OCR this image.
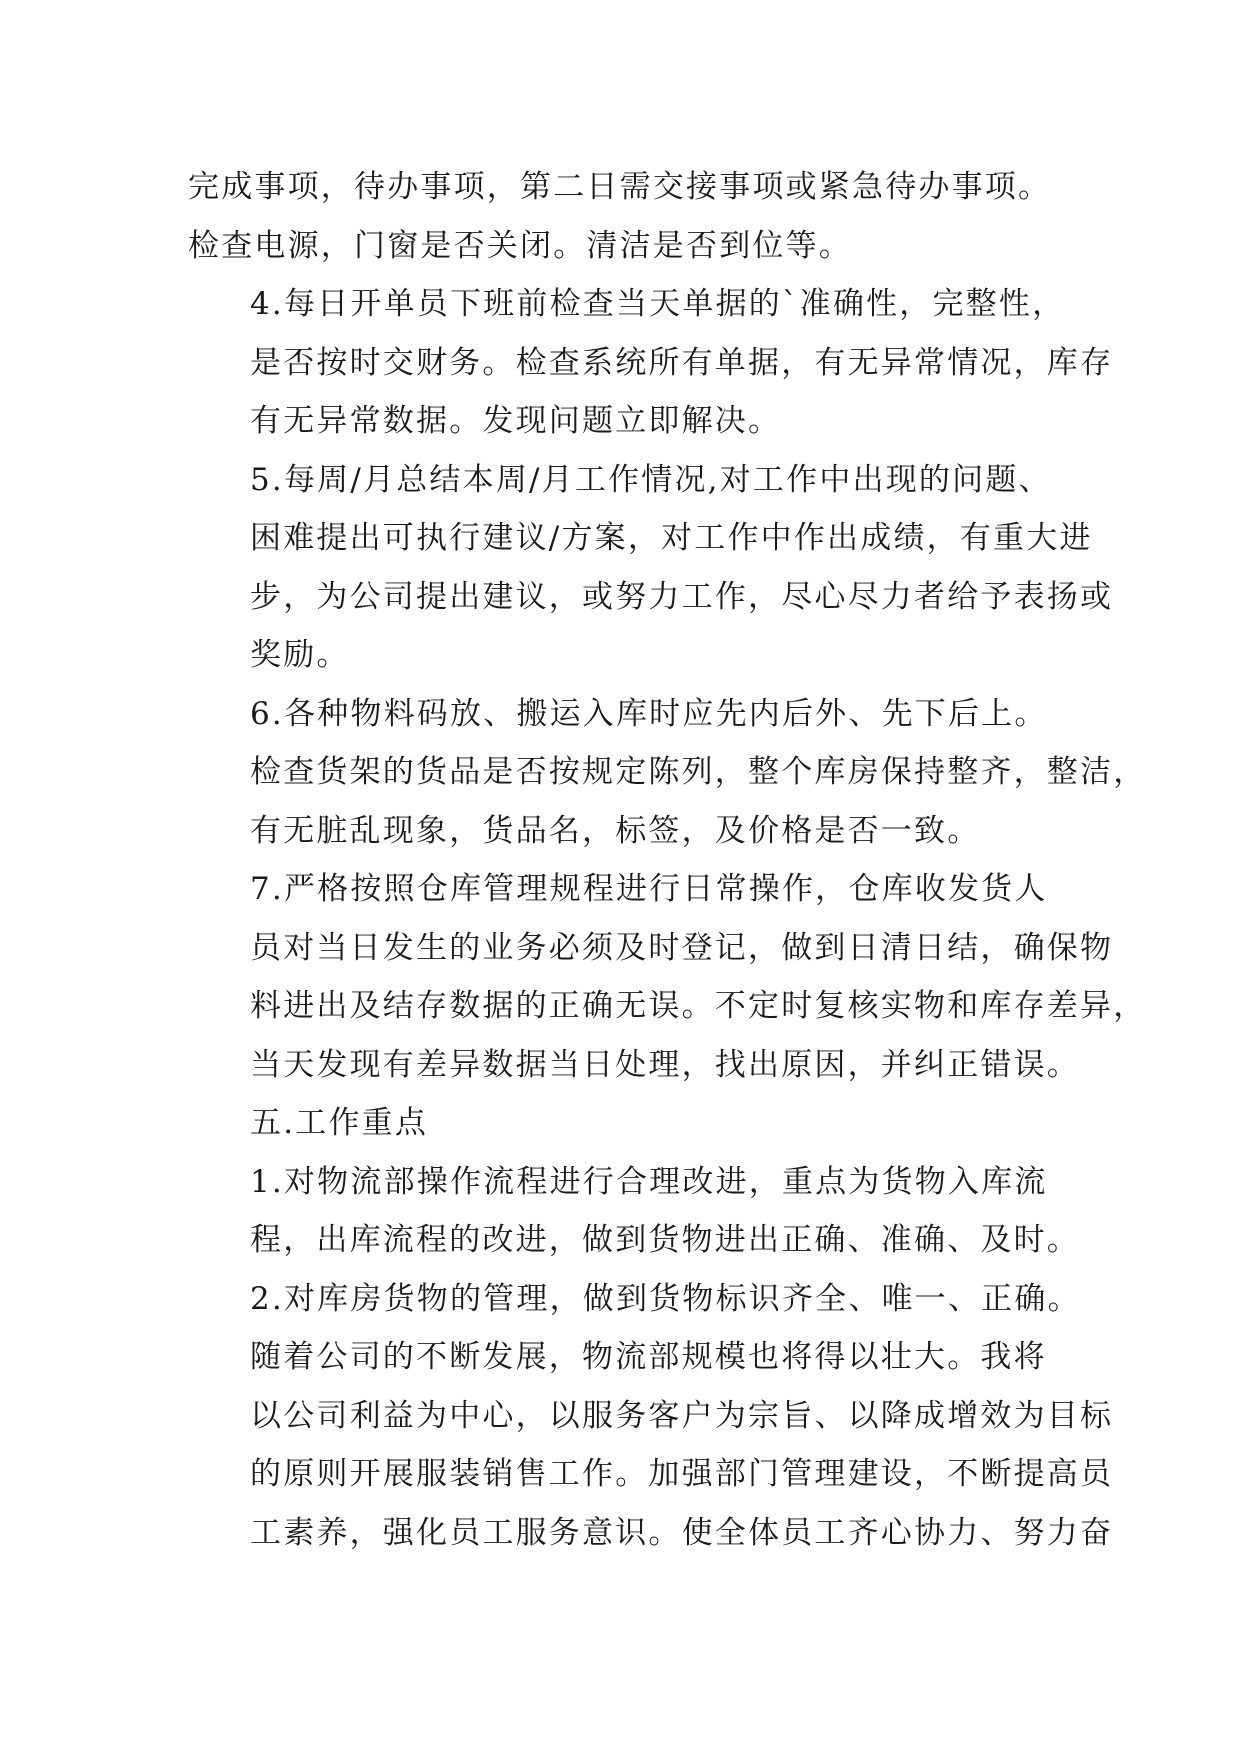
完成事项，待办事项，第二日需交接事项或紧急待办事项。
检查电源，门窗是否关闭。清洁是否到位等。

4.每日开单员下班前检查当天单据的`准确性，完整性，
是否按时交财务。检查系统所有单据，有无异常情况，库存
有无异常数据。发现问题立即解决。

5.每周/月总结本周/月工作情况,对工作中出现的问题、
困难提出可执行建议/方案，对工作中作出成绩，有重大进
步，为公司提出建议，或努力工作，尽心尽力者给予表扬或
奖励。

6.各种物料码放、搬运入库时应先内后外、先下后上。
检查货架的货品是否按规定陈列，整个库房保持整齐，整洁，
有无脏乱现象，货品名，标签，及价格是否一致。

7.严格按照仓库管理规程进行日常操作，仓库收发货人
员对当日发生的业务必须及时登记，做到日清日结，确保物
料进出及结存数据的正确无误。不定时复核实物和库存差异，
当天发现有差异数据当日处理，找出原因，并纠正错误。

五.工作重点

1.对物流部操作流程进行合理改进，重点为货物入库流
程，出库流程的改进，做到货物进出正确、准确、及时。

2.对库房货物的管理，做到货物标识齐全、唯一、正确。

随着公司的不断发展，物流部规模也将得以壮大。我将
以公司利益为中心，以服务客户为宗旨、以降成增效为目标
的原则开展服装销售工作。加强部门管理建设，不断提高员
工素养，强化员工服务意识。使全体员工齐心协力、努力奋
